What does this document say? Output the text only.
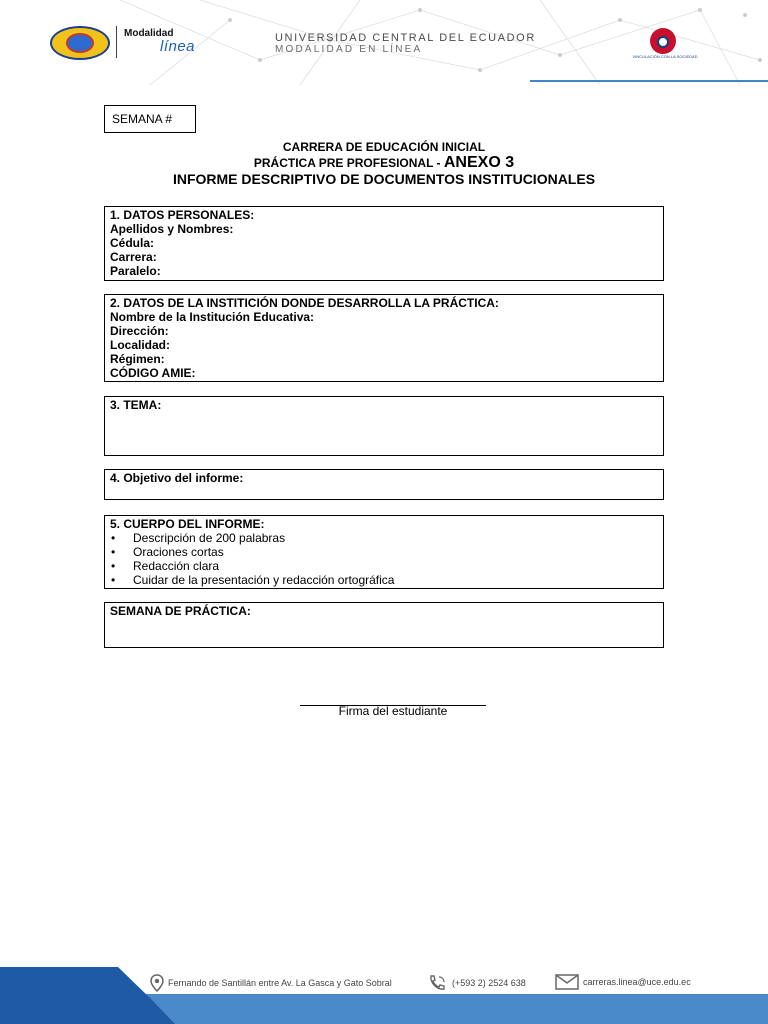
Modalidad
línea	UNIVERSIDAD CENTRAL DEL ECUADOR
MODALIDAD EN LÍNEA
VINCULACIÓN CON LA SOCIEDAD
SEMANA #
CARRERA DE EDUCACIÓN INICIAL
PRÁCTICA PRE PROFESIONAL - ANEXO 3
INFORME DESCRIPTIVO DE DOCUMENTOS INSTITUCIONALES
1. DATOS PERSONALES:
Apellidos y Nombres:
Cédula:
Carrera:
Paralelo:
2. DATOS DE LA INSTITICIÓN DONDE DESARROLLA LA PRÁCTICA:
Nombre de la Institución Educativa:
Dirección:
Localidad:
Régimen:
CÓDIGO AMIE:
3. TEMA:
4. Objetivo del informe:
5. CUERPO DEL INFORME:
• Descripción de 200 palabras
• Oraciones cortas
• Redacción clara
• Cuidar de la presentación y redacción ortográfica
SEMANA DE PRÁCTICA:
Firma del estudiante
Fernando de Santillán entre Av. La Gasca y Gato Sobral	(+593 2) 2524 638	carreras.linea@uce.edu.ec
